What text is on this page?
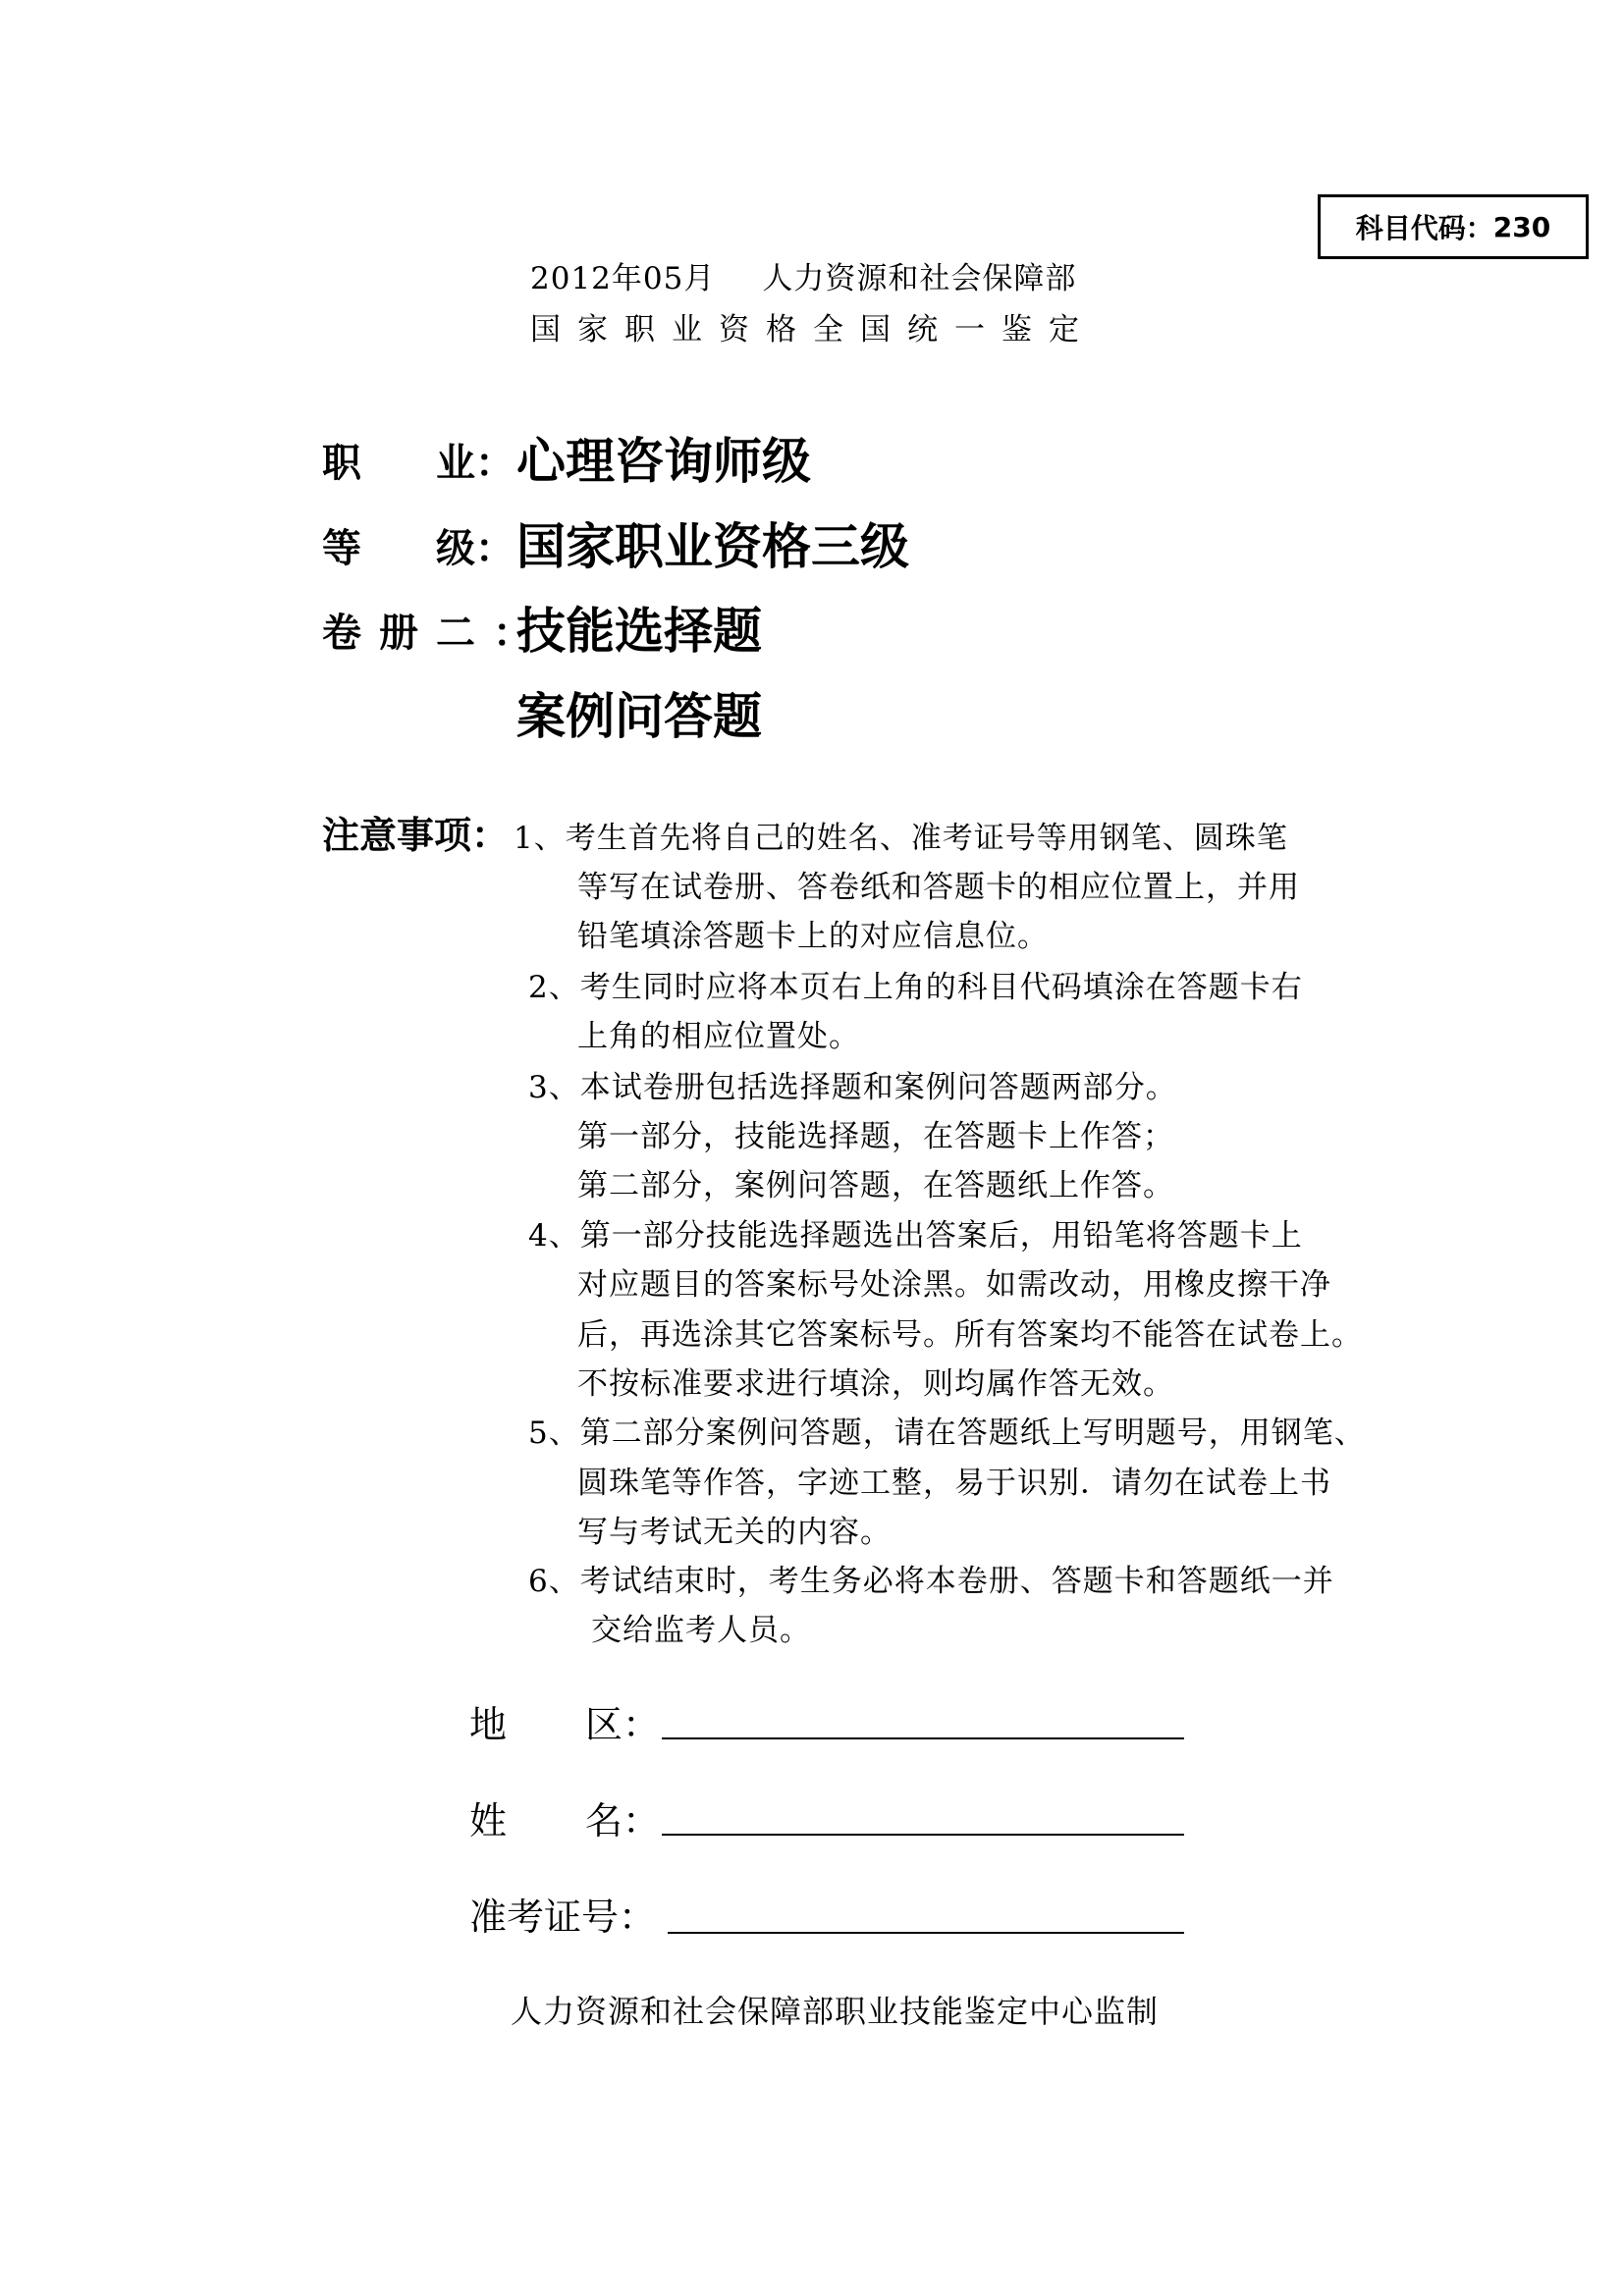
科目代码： 230
2012年05月 人力资源和社会保障部
国家职业资格全国统一鉴定
职 业： 心理咨询师级
等 级： 国家职业资格三级
卷册二：
技能选择题
案例问答题
注意事项： 1、考生首先将自己的姓名、准考证号等用钢笔、圆珠笔
等写在试卷册、答卷纸和答题卡的相应位置上，并用
铅笔填涂答题卡上的对应信息位。
2、考生同时应将本页右上角的科目代码填涂在答题卡右
上角的相应位置处。
3、本试卷册包括选择题和案例问答题两部分。
第一部分，技能选择题，在答题卡上作答；
第二部分，案例问答题，在答题纸上作答。
4、第一部分技能选择题选出答案后，用铅笔将答题卡上
对应题目的答案标号处涂黑。如需改动，用橡皮擦干净
后，再选涂其它答案标号。所有答案均不能答在试卷上。
不按标准要求进行填涂，则均属作答无效。
5、第二部分案例问答题，请在答题纸上写明题号，用钢笔、
圆珠笔等作答，字迹工整，易于识别．请勿在试卷上书
写与考试无关的内容。
6、考试结束时，考生务必将本卷册、答题卡和答题纸一并
交给监考人员。
地 区：
姓 名：
准考证号：
人力资源和社会保障部职业技能鉴定中心监制
